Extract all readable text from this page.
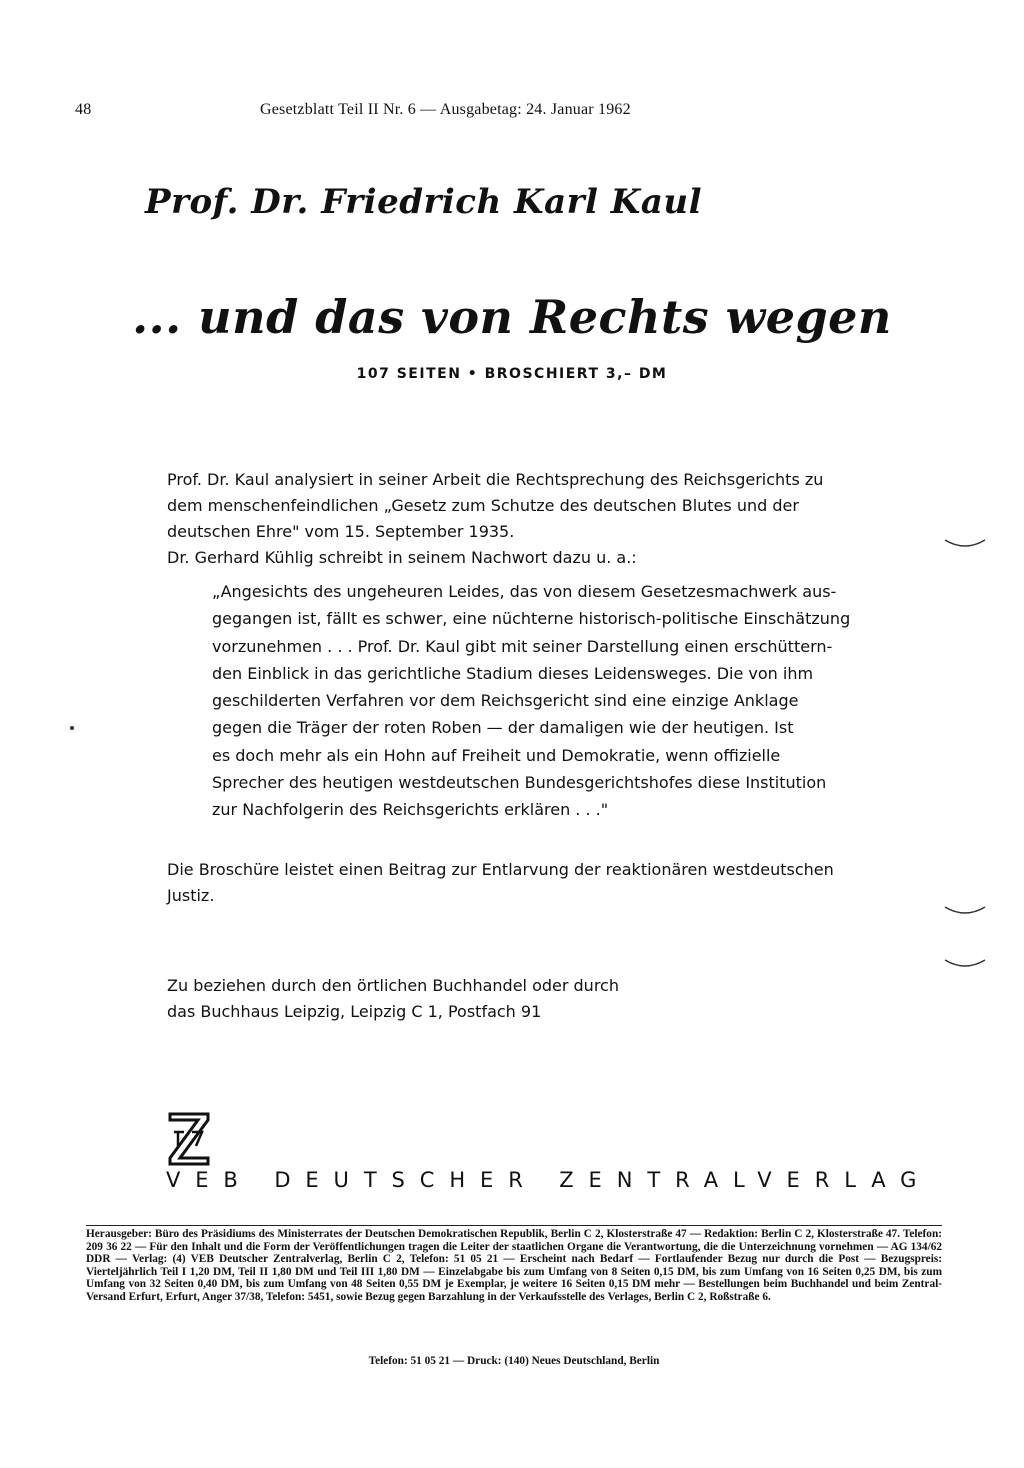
48	Gesetzblatt Teil II Nr. 6 — Ausgabetag: 24. Januar 1962
Prof. Dr. Friedrich Karl Kaul
... und das von Rechts wegen
107 SEITEN • BROSCHIERT 3,– DM
Prof. Dr. Kaul analysiert in seiner Arbeit die Rechtsprechung des Reichsgerichts zu
dem menschenfeindlichen „Gesetz zum Schutze des deutschen Blutes und der
deutschen Ehre" vom 15. September 1935.
Dr. Gerhard Kühlig schreibt in seinem Nachwort dazu u. a.:
„Angesichts des ungeheuren Leides, das von diesem Gesetzesmachwerk aus-
gegangen ist, fällt es schwer, eine nüchterne historisch-politische Einschätzung
vorzunehmen . . . Prof. Dr. Kaul gibt mit seiner Darstellung einen erschüttern-
den Einblick in das gerichtliche Stadium dieses Leidensweges. Die von ihm
geschilderten Verfahren vor dem Reichsgericht sind eine einzige Anklage
gegen die Träger der roten Roben — der damaligen wie der heutigen. Ist
es doch mehr als ein Hohn auf Freiheit und Demokratie, wenn offizielle
Sprecher des heutigen westdeutschen Bundesgerichtshofes diese Institution
zur Nachfolgerin des Reichsgerichts erklären . . ."
Die Broschüre leistet einen Beitrag zur Entlarvung der reaktionären westdeutschen
Justiz.
Zu beziehen durch den örtlichen Buchhandel oder durch
das Buchhaus Leipzig, Leipzig C 1, Postfach 91
VEB DEUTSCHER ZENTRALVERLAG
Herausgeber: Büro des Präsidiums des Ministerrates der Deutschen Demokratischen Republik, Berlin C 2, Klosterstraße 47 — Redaktion: Berlin C 2, Klosterstraße 47. Telefon: 209 36 22 — Für den Inhalt und die Form der Veröffentlichungen tragen die Leiter der staatlichen Organe die Verantwortung, die die Unterzeichnung vornehmen — AG 134/62 DDR — Verlag: (4) VEB Deutscher Zentralverlag, Berlin C 2, Telefon: 51 05 21 — Erscheint nach Bedarf — Fortlaufender Bezug nur durch die Post — Bezugspreis: Vierteljährlich Teil I 1,20 DM, Teil II 1,80 DM und Teil III 1,80 DM — Einzelabgabe bis zum Umfang von 8 Seiten 0,15 DM, bis zum Umfang von 16 Seiten 0,25 DM, bis zum Umfang von 32 Seiten 0,40 DM, bis zum Umfang von 48 Seiten 0,55 DM je Exemplar, je weitere 16 Seiten 0,15 DM mehr — Bestellungen beim Buchhandel und beim Zentral-Versand Erfurt, Erfurt, Anger 37/38, Telefon: 5451, sowie Bezug gegen Barzahlung in der Verkaufsstelle des Verlages, Berlin C 2, Roßstraße 6.
Telefon: 51 05 21 — Druck: (140) Neues Deutschland, Berlin
